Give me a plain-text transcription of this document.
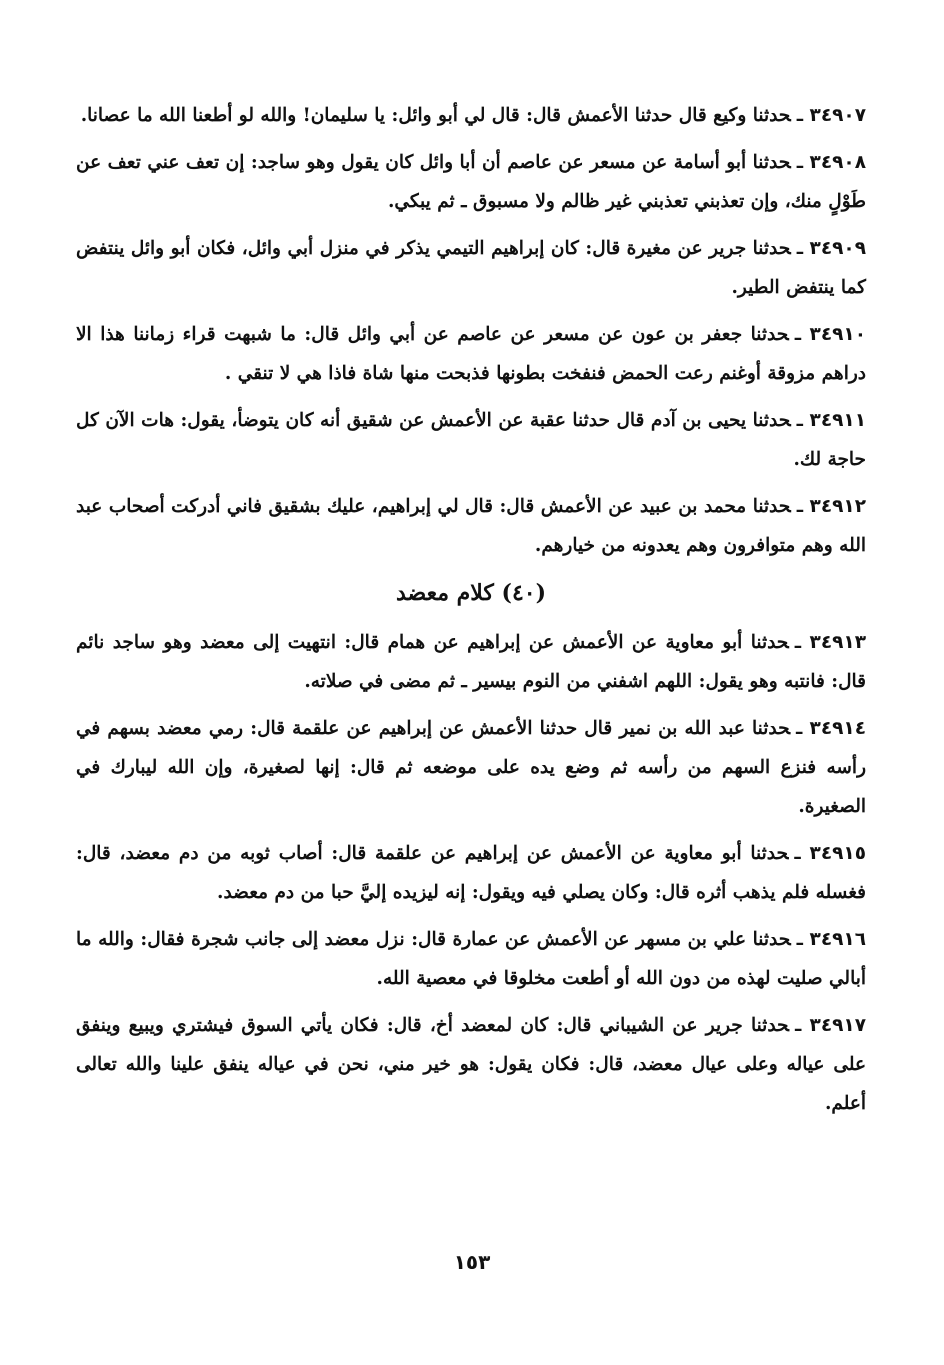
٣٤٩٠٧ ـحدثنا وكيع قال حدثنا الأعمش قال: قال لي أبو وائل: يا سليمان! والله لو أطعنا الله ما عصانا.

٣٤٩٠٨ ـحدثنا أبو أسامة عن مسعر عن عاصم أن أبا وائل كان يقول وهو ساجد: إن تعف عني تعف عن طَوْلٍ منك، وإن تعذبني تعذبني غير ظالم ولا مسبوق ـ ثم يبكي.

٣٤٩٠٩ ـحدثنا جرير عن مغيرة قال: كان إبراهيم التيمي يذكر في منزل أبي وائل، فكان أبو وائل ينتفض كما ينتفض الطير.

٣٤٩١٠ ـحدثنا جعفر بن عون عن مسعر عن عاصم عن أبي وائل قال: ما شبهت قراء زماننا هذا الا دراهم مزوقة أوغنم رعت الحمض فنفخت بطونها فذبحت منها شاة فاذا هي لا تنقي .

٣٤٩١١ ـحدثنا يحيى بن آدم قال حدثنا عقبة عن الأعمش عن شقيق أنه كان يتوضأ، يقول: هات الآن كل حاجة لك.

٣٤٩١٢ ـحدثنا محمد بن عبيد عن الأعمش قال: قال لي إبراهيم، عليك بشقيق فاني أدركت أصحاب عبد الله وهم متوافرون وهم يعدونه من خيارهم.

(٤٠) كلام معضد

٣٤٩١٣ ـحدثنا أبو معاوية عن الأعمش عن إبراهيم عن همام قال: انتهيت إلى معضد وهو ساجد نائم قال: فانتبه وهو يقول: اللهم اشفني من النوم بيسير ـ ثم مضى في صلاته.

٣٤٩١٤ ـحدثنا عبد الله بن نمير قال حدثنا الأعمش عن إبراهيم عن علقمة قال: رمي معضد بسهم في رأسه فنزع السهم من رأسه ثم وضع يده على موضعه ثم قال: إنها لصغيرة، وإن الله ليبارك في الصغيرة.

٣٤٩١٥ ـحدثنا أبو معاوية عن الأعمش عن إبراهيم عن علقمة قال: أصاب ثوبه من دم معضد، قال: فغسله فلم يذهب أثره قال: وكان يصلي فيه ويقول: إنه ليزيده إليَّ حبا من دم معضد.

٣٤٩١٦ ـحدثنا علي بن مسهر عن الأعمش عن عمارة قال: نزل معضد إلى جانب شجرة فقال: والله ما أبالي صليت لهذه من دون الله أو أطعت مخلوقا في معصية الله.

٣٤٩١٧ ـحدثنا جرير عن الشيباني قال: كان لمعضد أخ، قال: فكان يأتي السوق فيشتري ويبيع وينفق على عياله وعلى عيال معضد، قال: فكان يقول: هو خير مني، نحن في عياله ينفق علينا والله تعالى أعلم.

١٥٣
